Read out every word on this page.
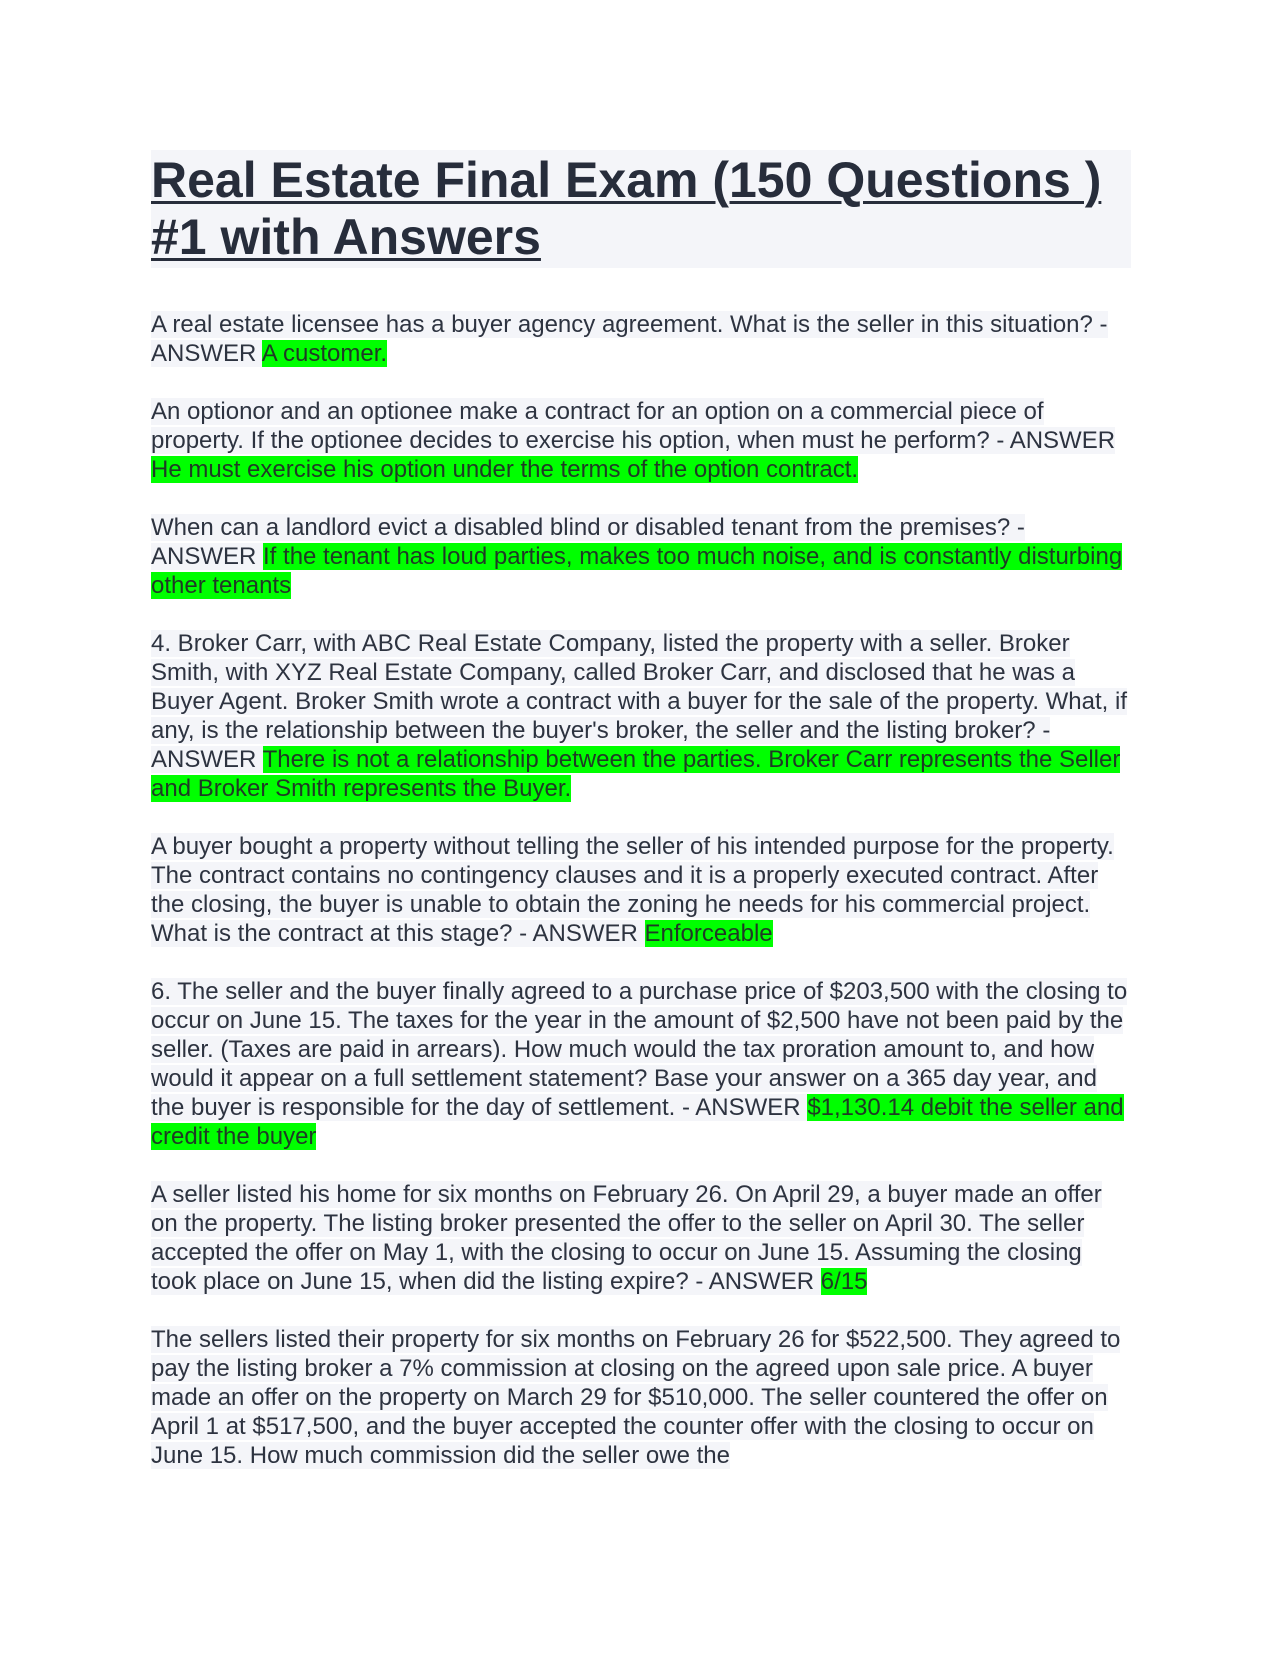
Real Estate Final Exam (150 Questions ) #1 with Answers

A real estate licensee has a buyer agency agreement. What is the seller in this situation? - ANSWER A customer.

An optionor and an optionee make a contract for an option on a commercial piece of property. If the optionee decides to exercise his option, when must he perform? - ANSWER He must exercise his option under the terms of the option contract.

When can a landlord evict a disabled blind or disabled tenant from the premises? - ANSWER If the tenant has loud parties, makes too much noise, and is constantly disturbing other tenants

4. Broker Carr, with ABC Real Estate Company, listed the property with a seller. Broker Smith, with XYZ Real Estate Company, called Broker Carr, and disclosed that he was a Buyer Agent. Broker Smith wrote a contract with a buyer for the sale of the property. What, if any, is the relationship between the buyer's broker, the seller and the listing broker? - ANSWER There is not a relationship between the parties. Broker Carr represents the Seller and Broker Smith represents the Buyer.

A buyer bought a property without telling the seller of his intended purpose for the property. The contract contains no contingency clauses and it is a properly executed contract. After the closing, the buyer is unable to obtain the zoning he needs for his commercial project. What is the contract at this stage? - ANSWER Enforceable

6. The seller and the buyer finally agreed to a purchase price of $203,500 with the closing to occur on June 15. The taxes for the year in the amount of $2,500 have not been paid by the seller. (Taxes are paid in arrears). How much would the tax proration amount to, and how would it appear on a full settlement statement? Base your answer on a 365 day year, and the buyer is responsible for the day of settlement. - ANSWER $1,130.14 debit the seller and credit the buyer

A seller listed his home for six months on February 26. On April 29, a buyer made an offer on the property. The listing broker presented the offer to the seller on April 30. The seller accepted the offer on May 1, with the closing to occur on June 15. Assuming the closing took place on June 15, when did the listing expire? - ANSWER 6/15

The sellers listed their property for six months on February 26 for $522,500. They agreed to pay the listing broker a 7% commission at closing on the agreed upon sale price. A buyer made an offer on the property on March 29 for $510,000. The seller countered the offer on April 1 at $517,500, and the buyer accepted the counter offer with the closing to occur on June 15. How much commission did the seller owe the
